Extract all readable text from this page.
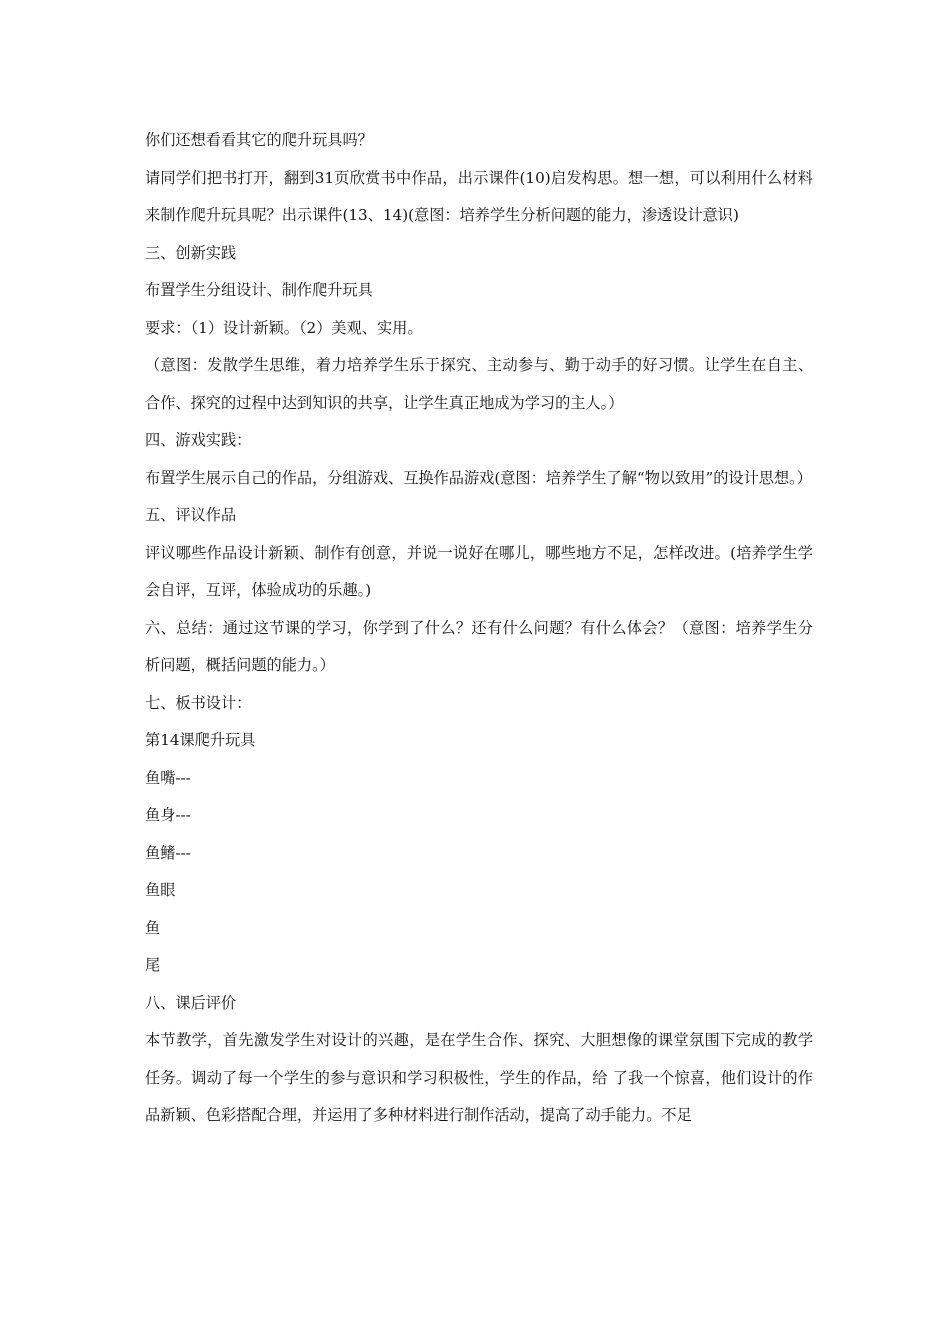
你们还想看看其它的爬升玩具吗？

请同学们把书打开，翻到31页欣赏书中作品，出示课件(10)启发构思。想一想，可以利用什么材料来制作爬升玩具呢？出示课件(13、14)(意图：培养学生分析问题的能力，渗透设计意识)

三、创新实践

布置学生分组设计、制作爬升玩具

要求：（1）设计新颖。（2）美观、实用。

（意图：发散学生思维，着力培养学生乐于探究、主动参与、勤于动手的好习惯。让学生在自主、合作、探究的过程中达到知识的共享，让学生真正地成为学习的主人。）

四、游戏实践：

布置学生展示自己的作品，分组游戏、互换作品游戏(意图：培养学生了解“物以致用”的设计思想。）

五、评议作品

评议哪些作品设计新颖、制作有创意，并说一说好在哪儿，哪些地方不足，怎样改进。(培养学生学会自评，互评，体验成功的乐趣。)

六、总结：通过这节课的学习，你学到了什么？还有什么问题？有什么体会？（意图：培养学生分析问题，概括问题的能力。）

七、板书设计：

第14课爬升玩具

鱼嘴---

鱼身---

鱼鳍---

鱼眼

鱼

尾

八、课后评价

本节教学，首先激发学生对设计的兴趣，是在学生合作、探究、大胆想像的课堂氛围下完成的教学任务。调动了每一个学生的参与意识和学习积极性，学生的作品，给 了我一个惊喜，他们设计的作品新颖、色彩搭配合理，并运用了多种材料进行制作活动，提高了动手能力。不足
